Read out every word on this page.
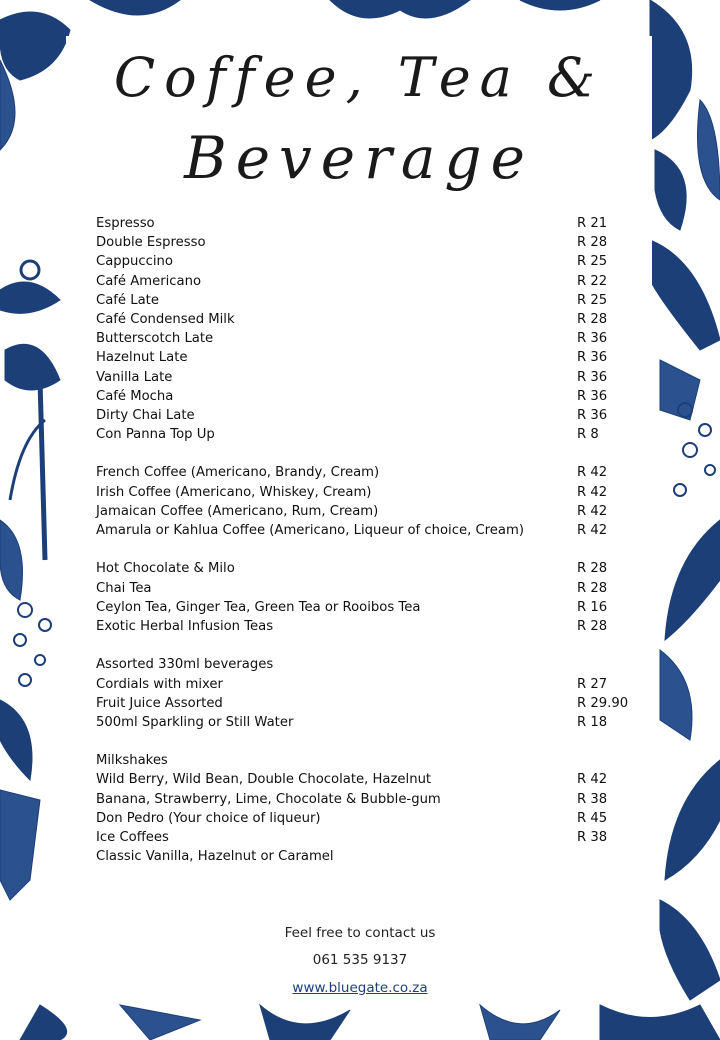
Coffee, Tea &
Beverage
Espresso	R 21
Double Espresso	R 28
Cappuccino	R 25
Café Americano	R 22
Café Late	R 25
Café Condensed Milk	R 28
Butterscotch Late	R 36
Hazelnut Late	R 36
Vanilla Late	R 36
Café Mocha	R 36
Dirty Chai Late	R 36
Con Panna Top Up	R 8
French Coffee (Americano, Brandy, Cream)	R 42
Irish Coffee (Americano, Whiskey, Cream)	R 42
Jamaican Coffee (Americano, Rum, Cream)	R 42
Amarula or Kahlua Coffee (Americano, Liqueur of choice, Cream)	R 42
Hot Chocolate & Milo	R 28
Chai Tea	R 28
Ceylon Tea, Ginger Tea, Green Tea or Rooibos Tea	R 16
Exotic Herbal Infusion Teas	R 28
Assorted 330ml beverages
Cordials with mixer	R 27
Fruit Juice Assorted	R 29.90
500ml Sparkling or Still Water	R 18
Milkshakes
Wild Berry, Wild Bean, Double Chocolate, Hazelnut	R 42
Banana, Strawberry, Lime, Chocolate & Bubble-gum	R 38
Don Pedro (Your choice of liqueur)	R 45
Ice Coffees	R 38
Classic Vanilla, Hazelnut or Caramel
Feel free to contact us
061 535 9137
www.bluegate.co.za
